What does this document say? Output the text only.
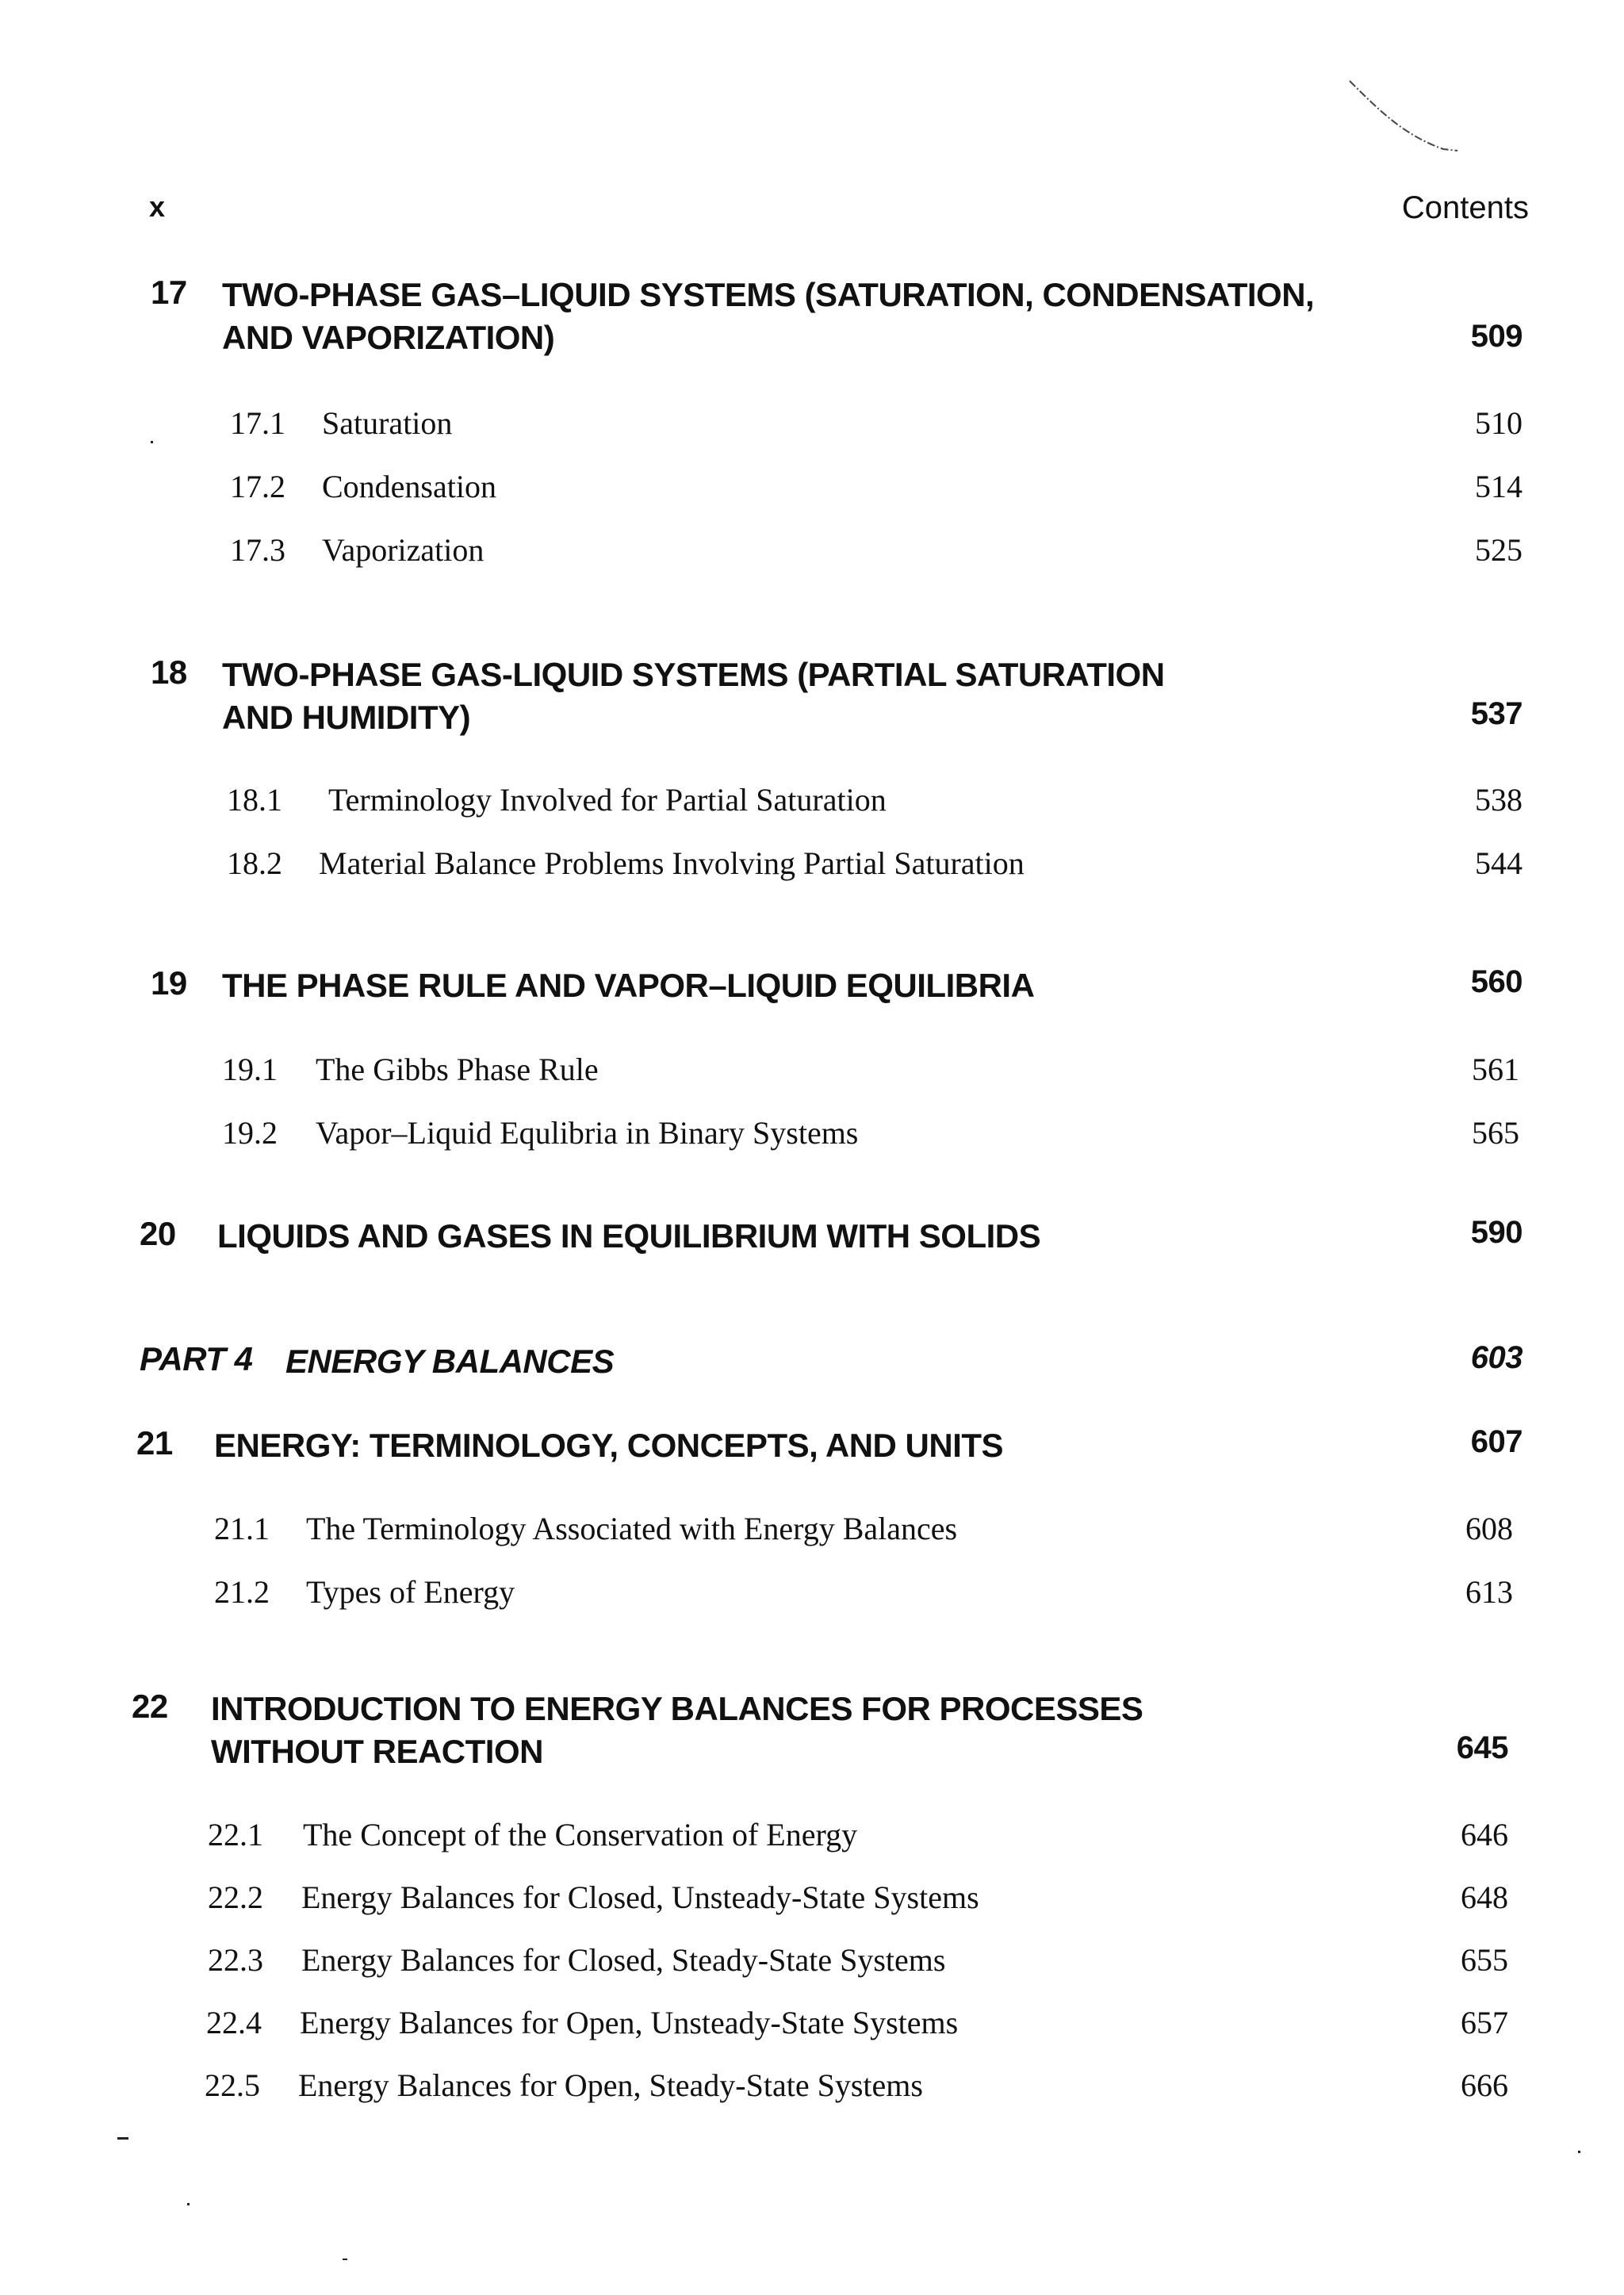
x	Contents
17 TWO-PHASE GAS–LIQUID SYSTEMS (SATURATION, CONDENSATION,
AND VAPORIZATION)	509
17.1 Saturation	510
17.2 Condensation	514
17.3 Vaporization	525
18 TWO-PHASE GAS-LIQUID SYSTEMS (PARTIAL SATURATION
AND HUMIDITY)	537
18.1 Terminology Involved for Partial Saturation	538
18.2 Material Balance Problems Involving Partial Saturation	544
19 THE PHASE RULE AND VAPOR–LIQUID EQUILIBRIA	560
19.1 The Gibbs Phase Rule	561
19.2 Vapor–Liquid Equlibria in Binary Systems	565
20 LIQUIDS AND GASES IN EQUILIBRIUM WITH SOLIDS	590
PART 4 ENERGY BALANCES	603
21 ENERGY: TERMINOLOGY, CONCEPTS, AND UNITS	607
21.1 The Terminology Associated with Energy Balances	608
21.2 Types of Energy	613
22 INTRODUCTION TO ENERGY BALANCES FOR PROCESSES
WITHOUT REACTION	645
22.1 The Concept of the Conservation of Energy	646
22.2 Energy Balances for Closed, Unsteady-State Systems	648
22.3 Energy Balances for Closed, Steady-State Systems	655
22.4 Energy Balances for Open, Unsteady-State Systems	657
22.5 Energy Balances for Open, Steady-State Systems	666
